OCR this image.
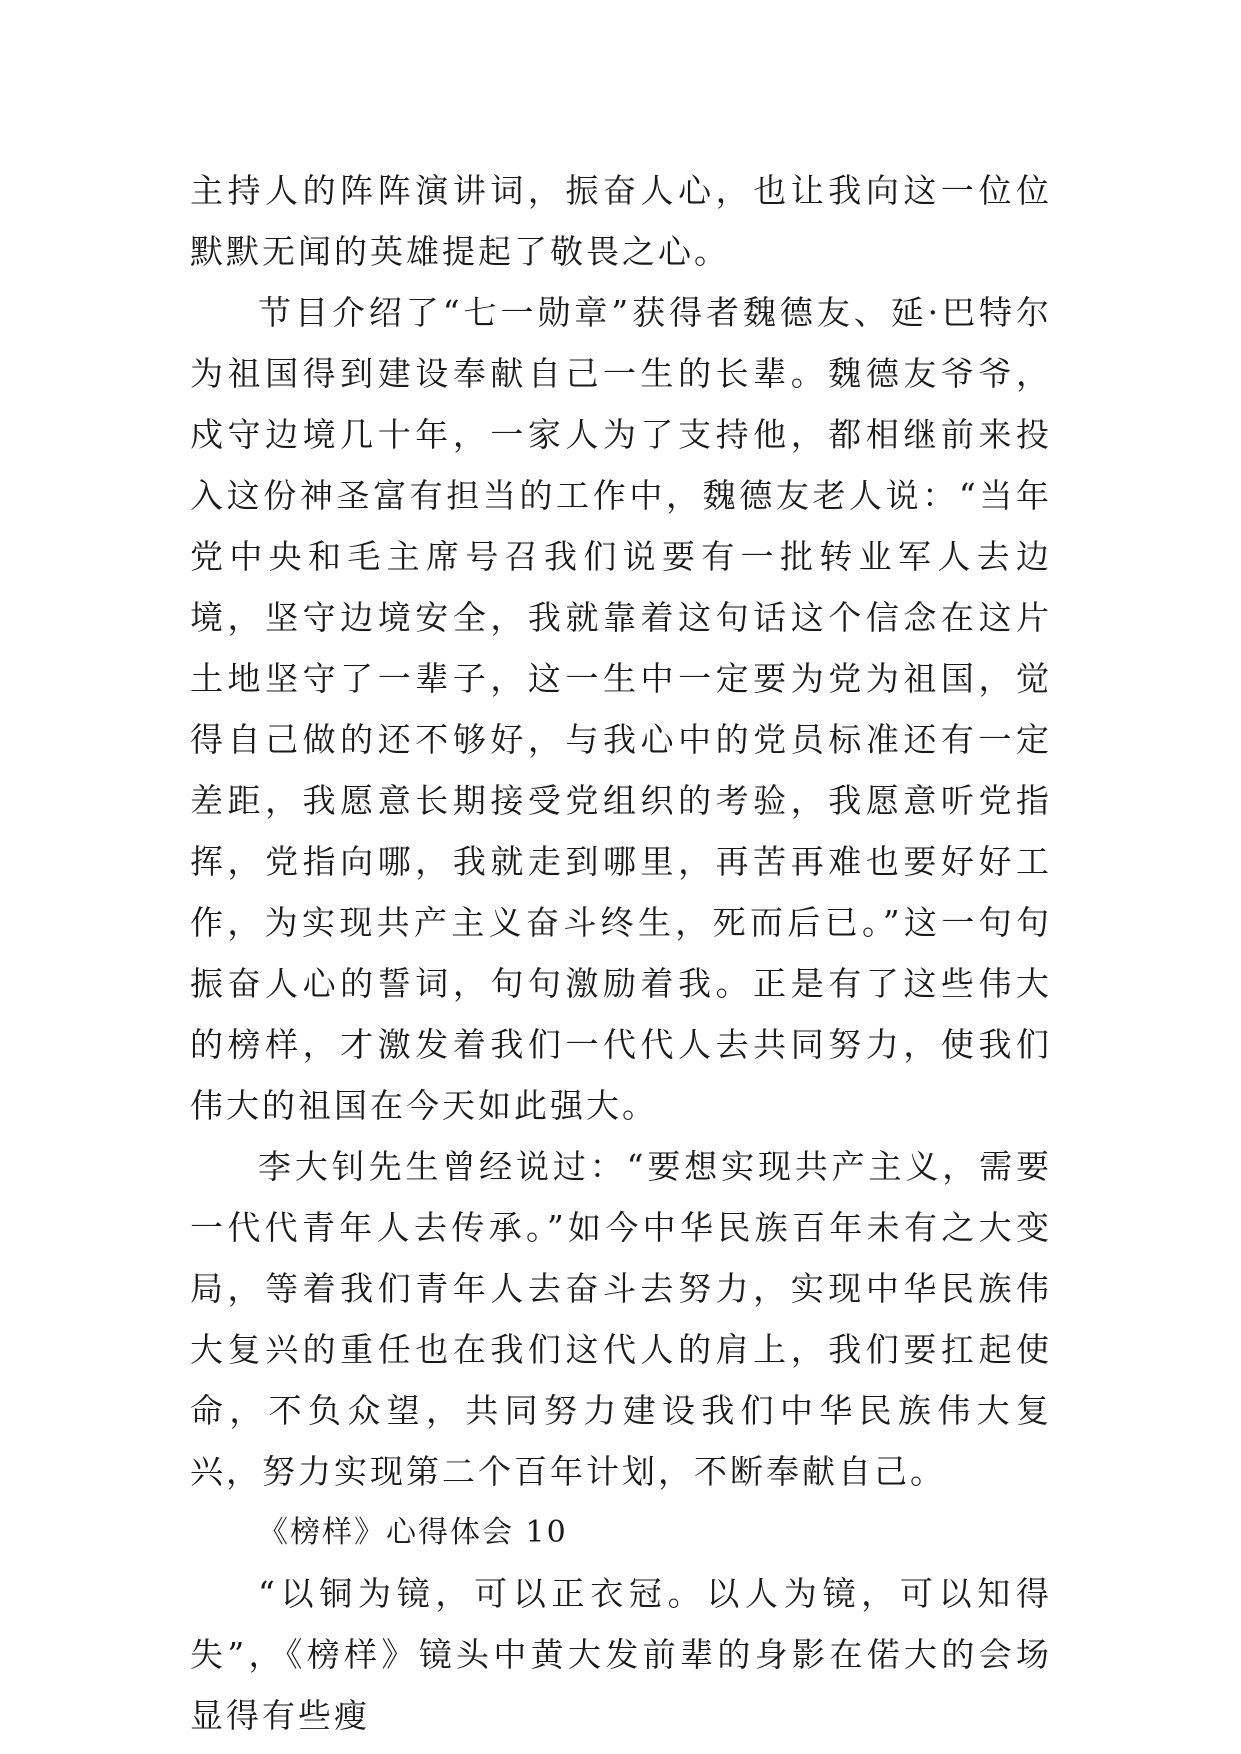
主持人的阵阵演讲词，振奋人心，也让我向这一位位默默无闻的英雄提起了敬畏之心。

节目介绍了“七一勋章”获得者魏德友、延·巴特尔为祖国得到建设奉献自己一生的长辈。魏德友爷爷，戍守边境几十年，一家人为了支持他，都相继前来投入这份神圣富有担当的工作中，魏德友老人说：“当年党中央和毛主席号召我们说要有一批转业军人去边境，坚守边境安全，我就靠着这句话这个信念在这片土地坚守了一辈子，这一生中一定要为党为祖国，觉得自己做的还不够好，与我心中的党员标准还有一定差距，我愿意长期接受党组织的考验，我愿意听党指挥，党指向哪，我就走到哪里，再苦再难也要好好工作，为实现共产主义奋斗终生，死而后已。”这一句句振奋人心的誓词，句句激励着我。正是有了这些伟大的榜样，才激发着我们一代代人去共同努力，使我们伟大的祖国在今天如此强大。

李大钊先生曾经说过：“要想实现共产主义，需要一代代青年人去传承。”如今中华民族百年未有之大变局，等着我们青年人去奋斗去努力，实现中华民族伟大复兴的重任也在我们这代人的肩上，我们要扛起使命，不负众望，共同努力建设我们中华民族伟大复兴，努力实现第二个百年计划，不断奉献自己。

《榜样》心得体会 10

“以铜为镜，可以正衣冠。以人为镜，可以知得失”，《榜样》镜头中黄大发前辈的身影在偌大的会场显得有些瘦
